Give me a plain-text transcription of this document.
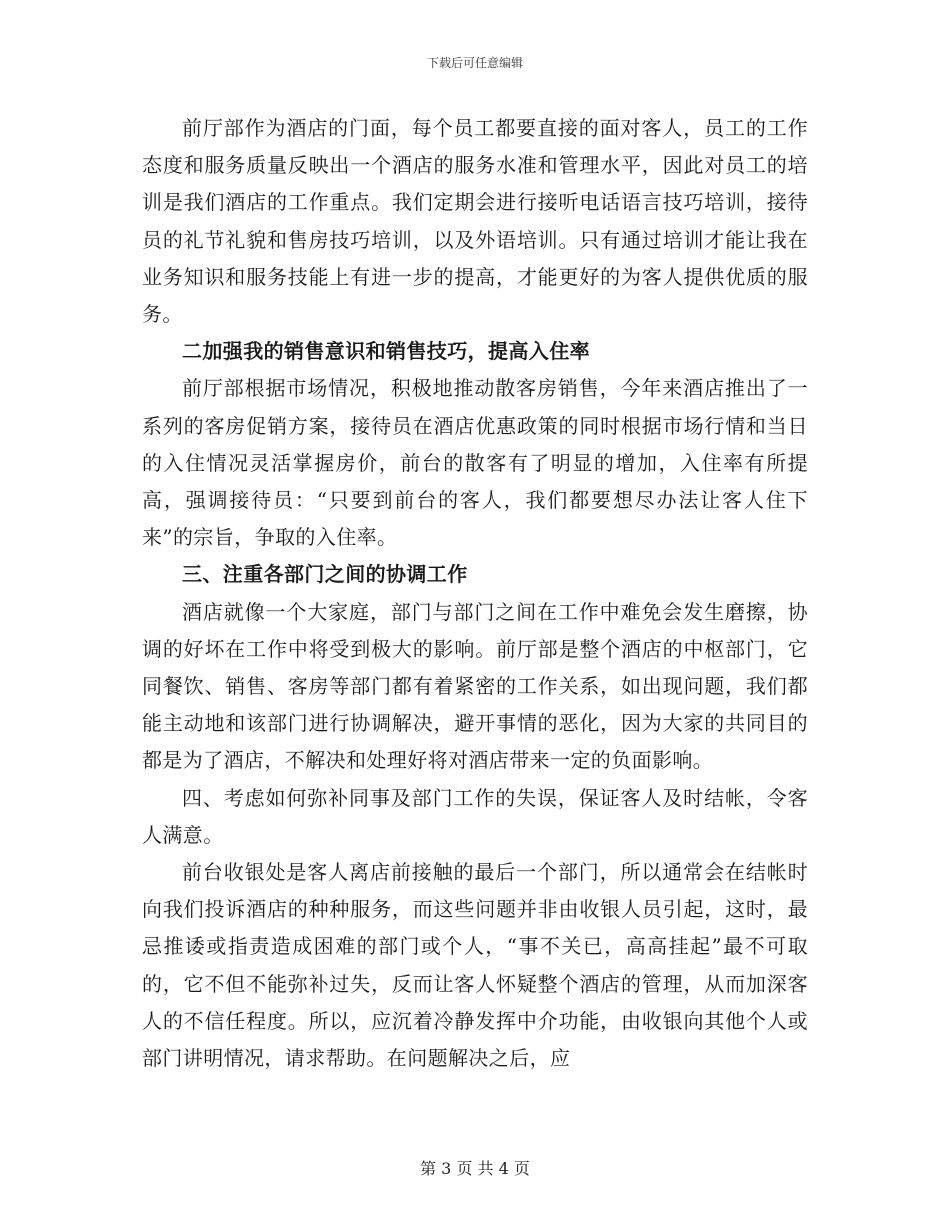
下载后可任意编辑

前厅部作为酒店的门面，每个员工都要直接的面对客人，员工的工作态度和服务质量反映出一个酒店的服务水准和管理水平，因此对员工的培训是我们酒店的工作重点。我们定期会进行接听电话语言技巧培训，接待员的礼节礼貌和售房技巧培训，以及外语培训。只有通过培训才能让我在业务知识和服务技能上有进一步的提高，才能更好的为客人提供优质的服务。

二加强我的销售意识和销售技巧，提高入住率

前厅部根据市场情况，积极地推动散客房销售，今年来酒店推出了一系列的客房促销方案，接待员在酒店优惠政策的同时根据市场行情和当日的入住情况灵活掌握房价，前台的散客有了明显的增加，入住率有所提高，强调接待员：“只要到前台的客人，我们都要想尽办法让客人住下来”的宗旨，争取的入住率。

三、注重各部门之间的协调工作

酒店就像一个大家庭，部门与部门之间在工作中难免会发生磨擦，协调的好坏在工作中将受到极大的影响。前厅部是整个酒店的中枢部门，它同餐饮、销售、客房等部门都有着紧密的工作关系，如出现问题，我们都能主动地和该部门进行协调解决，避开事情的恶化，因为大家的共同目的都是为了酒店，不解决和处理好将对酒店带来一定的负面影响。

四、考虑如何弥补同事及部门工作的失误，保证客人及时结帐，令客人满意。

前台收银处是客人离店前接触的最后一个部门，所以通常会在结帐时向我们投诉酒店的种种服务，而这些问题并非由收银人员引起，这时，最忌推诿或指责造成困难的部门或个人，“事不关已，高高挂起”最不可取的，它不但不能弥补过失，反而让客人怀疑整个酒店的管理，从而加深客人的不信任程度。所以，应沉着冷静发挥中介功能，由收银向其他个人或部门讲明情况，请求帮助。在问题解决之后，应

第 3 页 共 4 页
